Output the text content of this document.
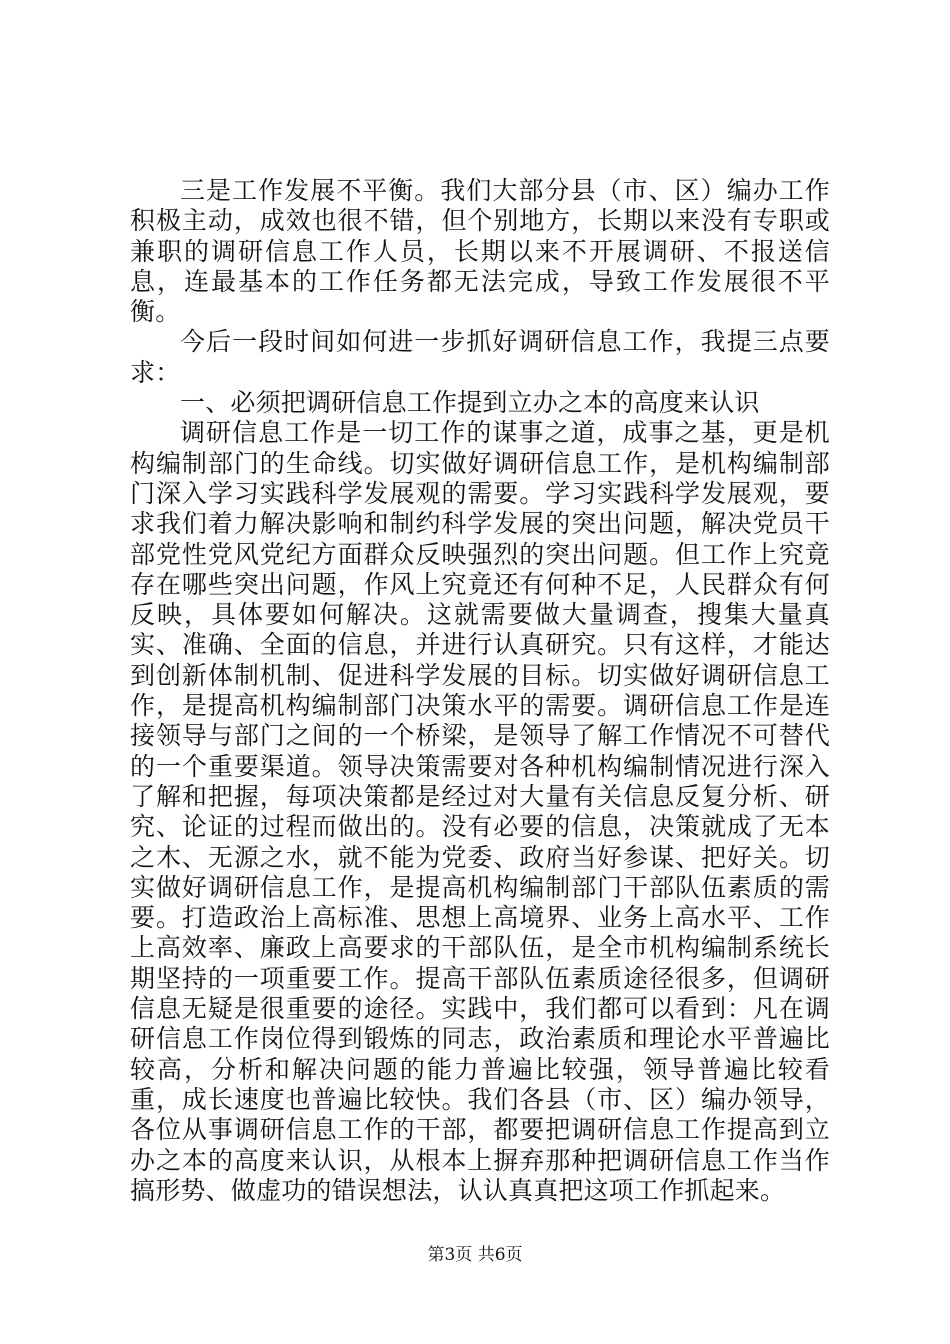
三是工作发展不平衡。我们大部分县（市、区）编办工作积极主动，成效也很不错，但个别地方，长期以来没有专职或兼职的调研信息工作人员，长期以来不开展调研、不报送信息，连最基本的工作任务都无法完成，导致工作发展很不平衡。

今后一段时间如何进一步抓好调研信息工作，我提三点要求：

一、必须把调研信息工作提到立办之本的高度来认识

调研信息工作是一切工作的谋事之道，成事之基，更是机构编制部门的生命线。切实做好调研信息工作，是机构编制部门深入学习实践科学发展观的需要。学习实践科学发展观，要求我们着力解决影响和制约科学发展的突出问题，解决党员干部党性党风党纪方面群众反映强烈的突出问题。但工作上究竟存在哪些突出问题，作风上究竟还有何种不足，人民群众有何反映，具体要如何解决。这就需要做大量调查，搜集大量真实、准确、全面的信息，并进行认真研究。只有这样，才能达到创新体制机制、促进科学发展的目标。切实做好调研信息工作，是提高机构编制部门决策水平的需要。调研信息工作是连接领导与部门之间的一个桥梁，是领导了解工作情况不可替代的一个重要渠道。领导决策需要对各种机构编制情况进行深入了解和把握，每项决策都是经过对大量有关信息反复分析、研究、论证的过程而做出的。没有必要的信息，决策就成了无本之木、无源之水，就不能为党委、政府当好参谋、把好关。切实做好调研信息工作，是提高机构编制部门干部队伍素质的需要。打造政治上高标准、思想上高境界、业务上高水平、工作上高效率、廉政上高要求的干部队伍，是全市机构编制系统长期坚持的一项重要工作。提高干部队伍素质途径很多，但调研信息无疑是很重要的途径。实践中，我们都可以看到：凡在调研信息工作岗位得到锻炼的同志，政治素质和理论水平普遍比较高，分析和解决问题的能力普遍比较强，领导普遍比较看重，成长速度也普遍比较快。我们各县（市、区）编办领导，各位从事调研信息工作的干部，都要把调研信息工作提高到立办之本的高度来认识，从根本上摒弃那种把调研信息工作当作搞形势、做虚功的错误想法，认认真真把这项工作抓起来。

第3页 共6页
